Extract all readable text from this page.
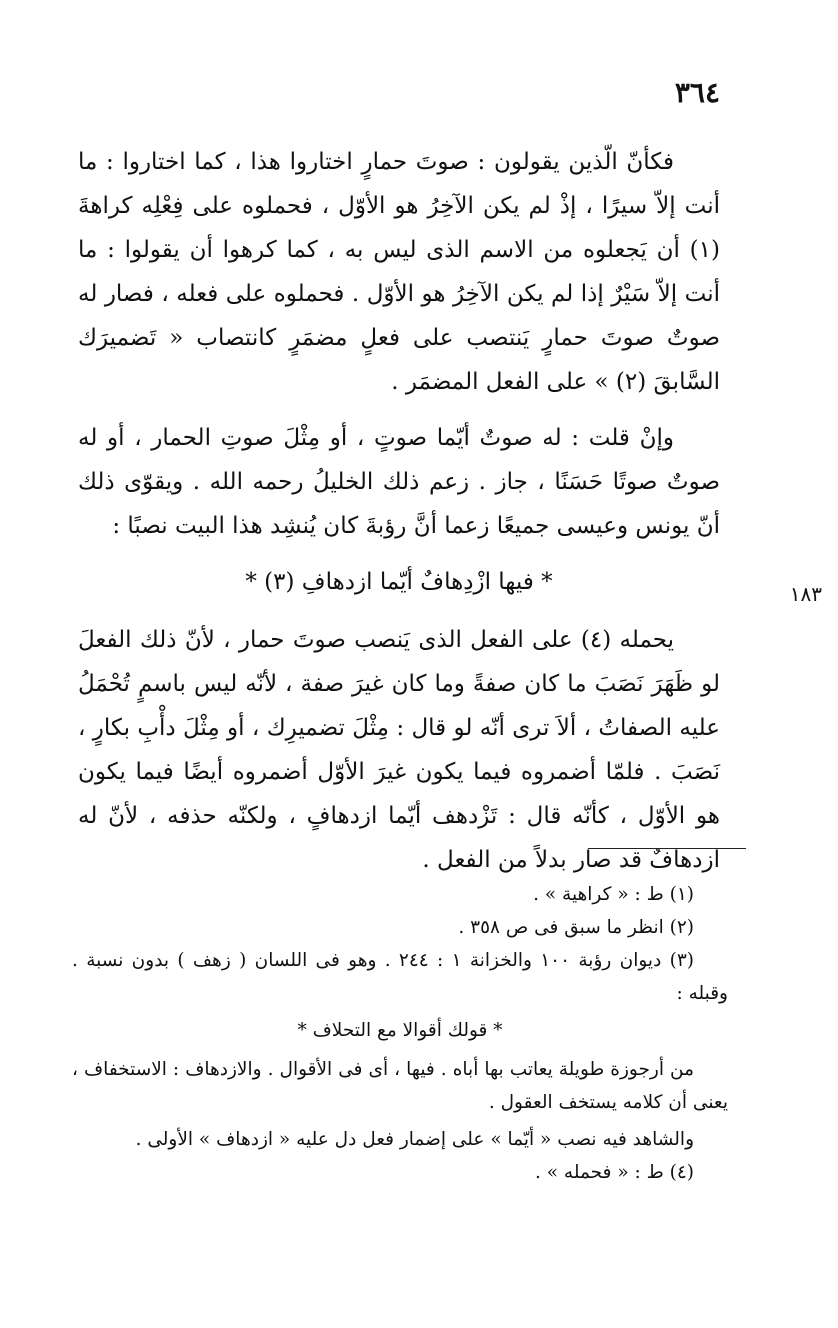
٣٦٤
١٨٣

فكأنّ الّذين يقولون : صوتَ حمارٍ اختاروا هذا ، كما اختاروا : ما أنت إلاّ سيرًا ، إذْ لم يكن الآخِرُ هو الأوّل ، فحملوه على فِعْلِه كراهةَ (١) أن يَجعلوه من الاسم الذى ليس به ، كما كرهوا أن يقولوا : ما أنت إلاّ سَيْرٌ إذا لم يكن الآخِرُ هو الأوّل . فحملوه على فعله ، فصار له صوتٌ صوتَ حمارٍ يَنتصب على فعلٍ مضمَرٍ كانتصاب « تَضميرَك السَّابقَ (٢) » على الفعل المضمَر .

وإنْ قلت : له صوتٌ أيّما صوتٍ ، أو مِثْلَ صوتِ الحمار ، أو له صوتٌ صوتًا حَسَنًا ، جاز . زعم ذلك الخليلُ رحمه الله . ويقوّى ذلك أنّ يونس وعيسى جميعًا زعما أنَّ رؤبةَ كان يُنشِد هذا البيت نصبًا :

* فيها ازْدِهافٌ أيّما ازدهافِ (٣) *

يحمله (٤) على الفعل الذى يَنصب صوتَ حمار ، لأنّ ذلك الفعلَ لو ظَهَرَ نَصَبَ ما كان صفةً وما كان غيرَ صفة ، لأنّه ليس باسمٍ تُحْمَلُ عليه الصفاتُ ، ألاَ ترى أنّه لو قال : مِثْلَ تضميرِك ، أو مِثْلَ دأْبِ بكارٍ ، نَصَبَ . فلمّا أضمروه فيما يكون غيرَ الأوّل أضمروه أيضًا فيما يكون هو الأوّل ، كأنّه قال : تَزْدهف أيّما ازدهافٍ ، ولكنّه حذفه ، لأنّ له ازدهافٌ قد صار بدلاً من الفعل .

(١) ط : « كراهية » .

(٢) انظر ما سبق فى ص ٣٥٨ .

(٣) ديوان رؤبة ١٠٠ والخزانة ١ : ٢٤٤ . وهو فى اللسان ( زهف ) بدون نسبة . وقبله :

* قولك أقوالا مع التحلاف *

من أرجوزة طويلة يعاتب بها أباه . فيها ، أى فى الأقوال . والازدهاف : الاستخفاف ، يعنى أن كلامه يستخف العقول .

والشاهد فيه نصب « أيّما » على إضمار فعل دل عليه « ازدهاف » الأولى .

(٤) ط : « فحمله » .
